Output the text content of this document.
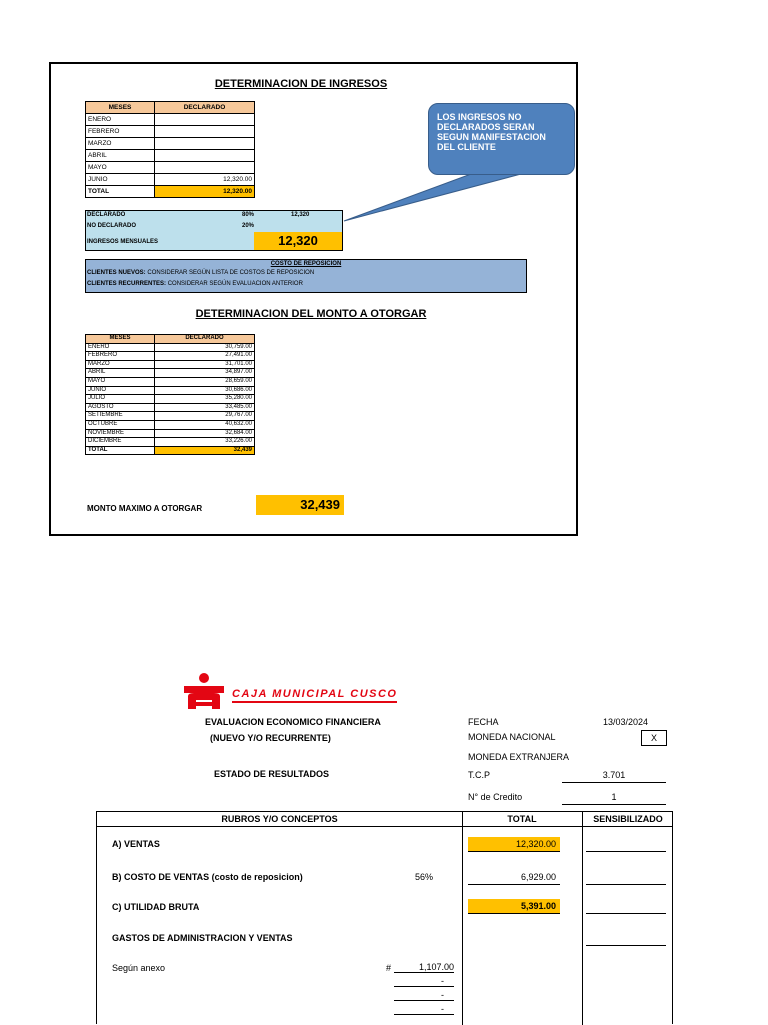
DETERMINACION DE INGRESOS
MESES	DECLARADO
ENERO	
FEBRERO	
MARZO	
ABRIL	
MAYO	
JUNIO	12,320.00
TOTAL	12,320.00
LOS INGRESOS NO DECLARADOS SERAN SEGUN MANIFESTACION DEL CLIENTE
DECLARADO	80%	12,320
NO DECLARADO	20%
INGRESOS MENSUALES	12,320
COSTO DE REPOSICION
CLIENTES NUEVOS: CONSIDERAR SEGÚN LISTA DE COSTOS DE REPOSICION
CLIENTES RECURRENTES: CONSIDERAR SEGÚN EVALUACION ANTERIOR
DETERMINACION DEL MONTO A OTORGAR
MESES	DECLARADO
ENERO	30,759.00
FEBRERO	27,491.00
MARZO	31,701.00
ABRIL	34,897.00
MAYO	28,659.00
JUNIO	30,686.00
JULIO	35,280.00
AGOSTO	33,485.00
SETIEMBRE	29,767.00
OCTUBRE	40,632.00
NOVIEMBRE	32,684.00
DICIEMBRE	33,226.00
TOTAL	32,439
MONTO MAXIMO A OTORGAR	32,439
CAJA MUNICIPAL CUSCO
EVALUACION ECONOMICO FINANCIERA
(NUEVO Y/O RECURRENTE)
ESTADO DE RESULTADOS
FECHA	13/03/2024
MONEDA NACIONAL	X
MONEDA EXTRANJERA
T.C.P	3.701
N° de Credito	1
RUBROS Y/O CONCEPTOS	TOTAL	SENSIBILIZADO
A) VENTAS	12,320.00
B) COSTO DE VENTAS (costo de reposicion)	56%	6,929.00
C) UTILIDAD BRUTA	5,391.00
GASTOS DE ADMINISTRACION Y VENTAS
Según anexo	#	1,107.00
-
-
-
